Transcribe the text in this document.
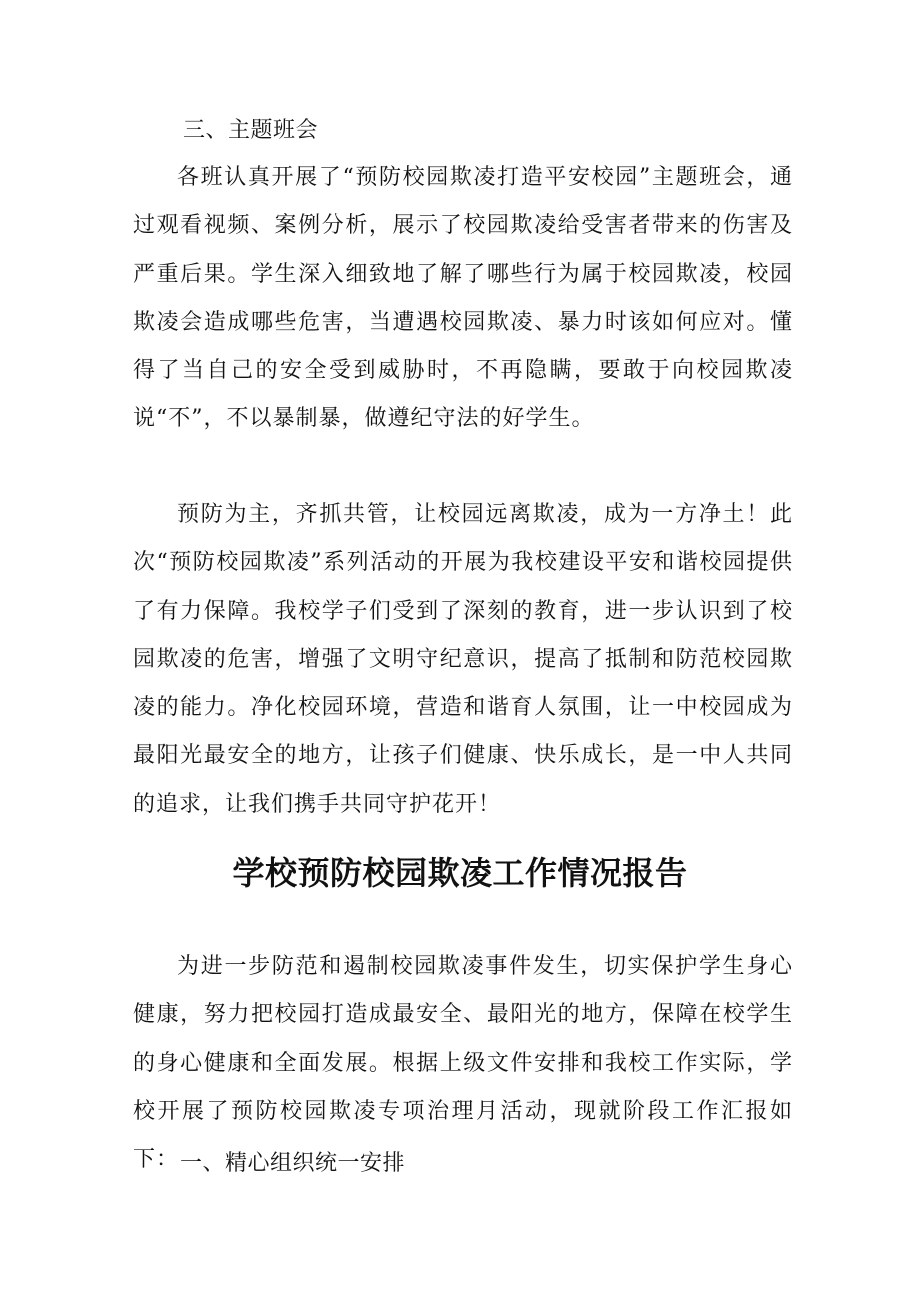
三、主题班会

各班认真开展了“预防校园欺凌打造平安校园”主题班会，通过观看视频、案例分析，展示了校园欺凌给受害者带来的伤害及严重后果。学生深入细致地了解了哪些行为属于校园欺凌，校园欺凌会造成哪些危害，当遭遇校园欺凌、暴力时该如何应对。懂得了当自己的安全受到威胁时，不再隐瞒，要敢于向校园欺凌说“不”，不以暴制暴，做遵纪守法的好学生。

预防为主，齐抓共管，让校园远离欺凌，成为一方净土！此次“预防校园欺凌”系列活动的开展为我校建设平安和谐校园提供了有力保障。我校学子们受到了深刻的教育，进一步认识到了校园欺凌的危害，增强了文明守纪意识，提高了抵制和防范校园欺凌的能力。净化校园环境，营造和谐育人氛围，让一中校园成为最阳光最安全的地方，让孩子们健康、快乐成长，是一中人共同的追求，让我们携手共同守护花开！

学校预防校园欺凌工作情况报告

为进一步防范和遏制校园欺凌事件发生，切实保护学生身心健康，努力把校园打造成最安全、最阳光的地方，保障在校学生的身心健康和全面发展。根据上级文件安排和我校工作实际，学校开展了预防校园欺凌专项治理月活动，现就阶段工作汇报如下： 一、精心组织统一安排
